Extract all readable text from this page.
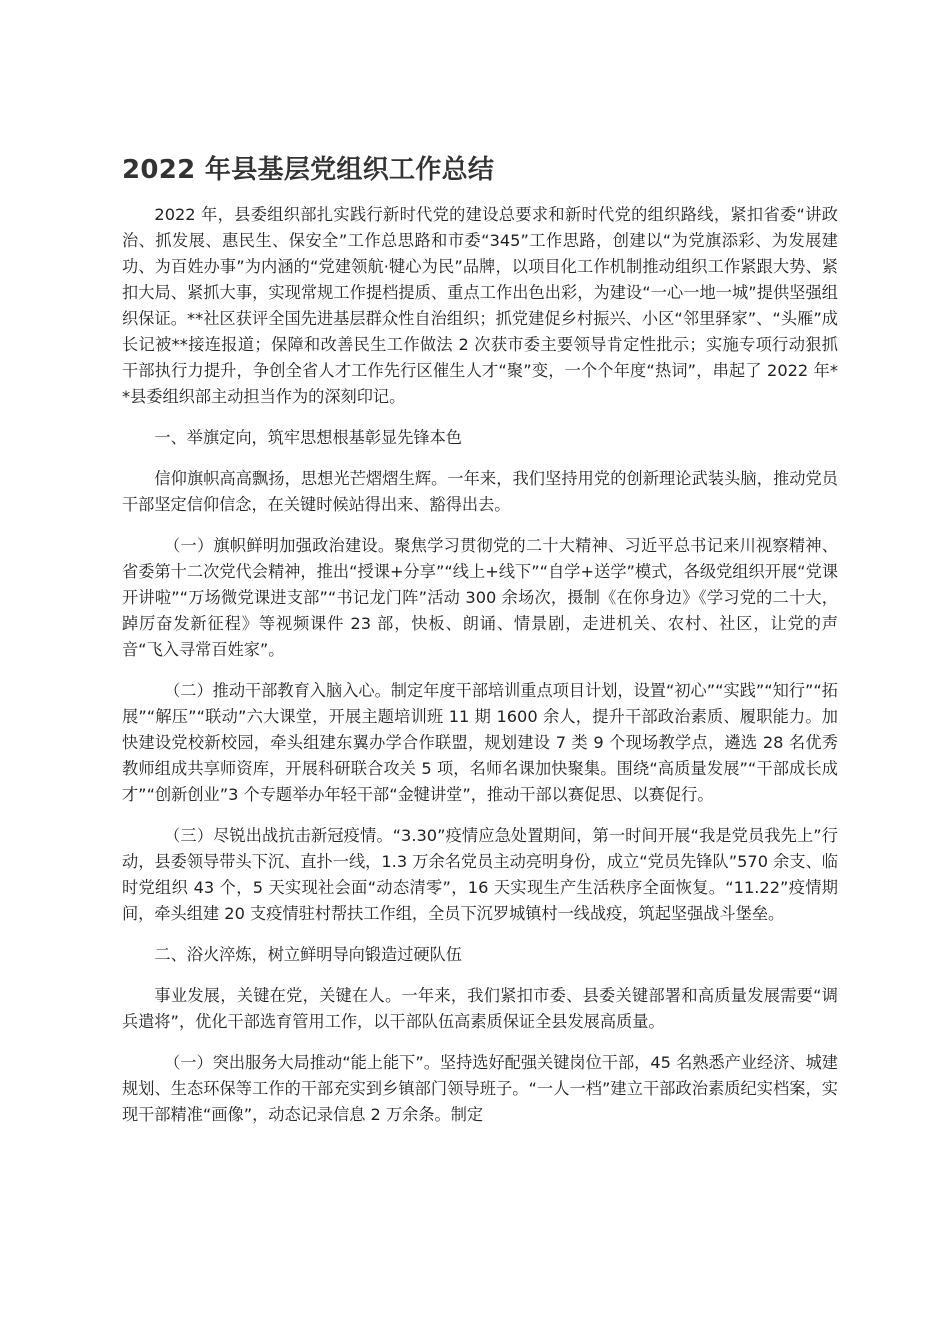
2022 年县基层党组织工作总结

2022 年，县委组织部扎实践行新时代党的建设总要求和新时代党的组织路线，紧扣省委“讲政治、抓发展、惠民生、保安全”工作总思路和市委“345”工作思路，创建以“为党旗添彩、为发展建功、为百姓办事”为内涵的“党建领航·犍心为民”品牌，以项目化工作机制推动组织工作紧跟大势、紧扣大局、紧抓大事，实现常规工作提档提质、重点工作出色出彩，为建设“一心一地一城”提供坚强组织保证。**社区获评全国先进基层群众性自治组织；抓党建促乡村振兴、小区“邻里驿家”、“头雁”成长记被**接连报道；保障和改善民生工作做法 2 次获市委主要领导肯定性批示；实施专项行动狠抓干部执行力提升，争创全省人才工作先行区催生人才“聚”变，一个个年度“热词”，串起了 2022 年**县委组织部主动担当作为的深刻印记。

一、举旗定向，筑牢思想根基彰显先锋本色

信仰旗帜高高飘扬，思想光芒熠熠生辉。一年来，我们坚持用党的创新理论武装头脑，推动党员干部坚定信仰信念，在关键时候站得出来、豁得出去。

（一）旗帜鲜明加强政治建设。聚焦学习贯彻党的二十大精神、习近平总书记来川视察精神、省委第十二次党代会精神，推出“授课+分享”“线上+线下”“自学+送学”模式，各级党组织开展“党课开讲啦”“万场微党课进支部”“书记龙门阵”活动 300 余场次，摄制《在你身边》《学习党的二十大，踔厉奋发新征程》等视频课件 23 部，快板、朗诵、情景剧，走进机关、农村、社区，让党的声音“飞入寻常百姓家”。

（二）推动干部教育入脑入心。制定年度干部培训重点项目计划，设置“初心”“实践”“知行”“拓展”“解压”“联动”六大课堂，开展主题培训班 11 期 1600 余人，提升干部政治素质、履职能力。加快建设党校新校园，牵头组建东翼办学合作联盟，规划建设 7 类 9 个现场教学点，遴选 28 名优秀教师组成共享师资库，开展科研联合攻关 5 项，名师名课加快聚集。围绕“高质量发展”“干部成长成才”“创新创业”3 个专题举办年轻干部“金犍讲堂”，推动干部以赛促思、以赛促行。

（三）尽锐出战抗击新冠疫情。“3.30”疫情应急处置期间，第一时间开展“我是党员我先上”行动，县委领导带头下沉、直扑一线，1.3 万余名党员主动亮明身份，成立“党员先锋队”570 余支、临时党组织 43 个，5 天实现社会面“动态清零”，16 天实现生产生活秩序全面恢复。“11.22”疫情期间，牵头组建 20 支疫情驻村帮扶工作组，全员下沉罗城镇村一线战疫，筑起坚强战斗堡垒。

二、浴火淬炼，树立鲜明导向锻造过硬队伍

事业发展，关键在党，关键在人。一年来，我们紧扣市委、县委关键部署和高质量发展需要“调兵遣将”，优化干部选育管用工作，以干部队伍高素质保证全县发展高质量。

（一）突出服务大局推动“能上能下”。坚持选好配强关键岗位干部，45 名熟悉产业经济、城建规划、生态环保等工作的干部充实到乡镇部门领导班子。“一人一档”建立干部政治素质纪实档案，实现干部精准“画像”，动态记录信息 2 万余条。制定
